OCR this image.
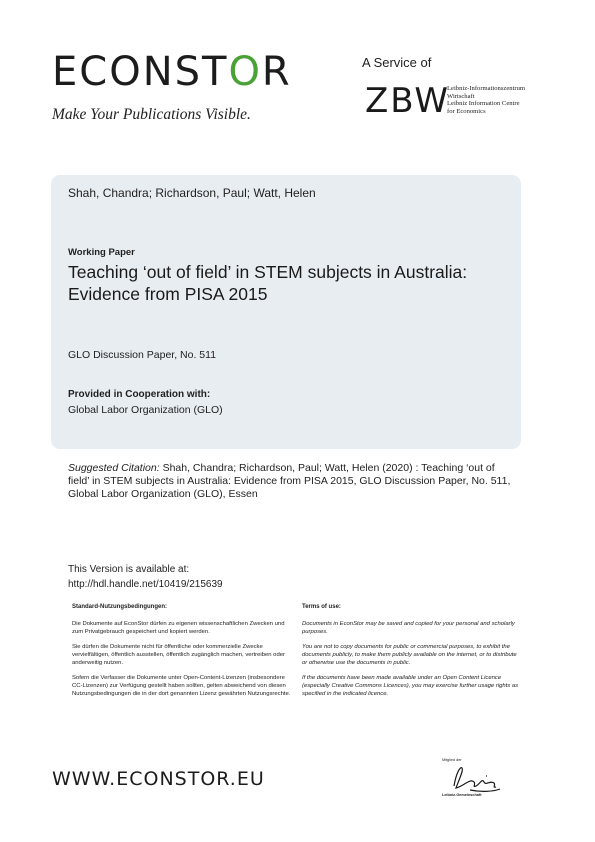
ECONSTOR
Make Your Publications Visible.
A Service of
ZBW
Leibniz-Informationszentrum
Wirtschaft
Leibniz Information Centre
for Economics
Shah, Chandra; Richardson, Paul; Watt, Helen
Working Paper
Teaching ‘out of field’ in STEM subjects in Australia: Evidence from PISA 2015
GLO Discussion Paper, No. 511
Provided in Cooperation with:
Global Labor Organization (GLO)
Suggested Citation: Shah, Chandra; Richardson, Paul; Watt, Helen (2020) : Teaching ‘out of field’ in STEM subjects in Australia: Evidence from PISA 2015, GLO Discussion Paper, No. 511, Global Labor Organization (GLO), Essen
This Version is available at:
http://hdl.handle.net/10419/215639
Standard-Nutzungsbedingungen:

Die Dokumente auf EconStor dürfen zu eigenen wissenschaftlichen Zwecken und zum Privatgebrauch gespeichert und kopiert werden.

Sie dürfen die Dokumente nicht für öffentliche oder kommerzielle Zwecke vervielfältigen, öffentlich ausstellen, öffentlich zugänglich machen, vertreiben oder anderweitig nutzen.

Sofern die Verfasser die Dokumente unter Open-Content-Lizenzen (insbesondere CC-Lizenzen) zur Verfügung gestellt haben sollten, gelten abweichend von diesen Nutzungsbedingungen die in der dort genannten Lizenz gewährten Nutzungsrechte.

Terms of use:

Documents in EconStor may be saved and copied for your personal and scholarly purposes.

You are not to copy documents for public or commercial purposes, to exhibit the documents publicly, to make them publicly available on the internet, or to distribute or otherwise use the documents in public.

If the documents have been made available under an Open Content Licence (especially Creative Commons Licences), you may exercise further usage rights as specified in the indicated licence.

WWW.ECONSTOR.EU
Mitglied der
Leibniz-Gemeinschaft
